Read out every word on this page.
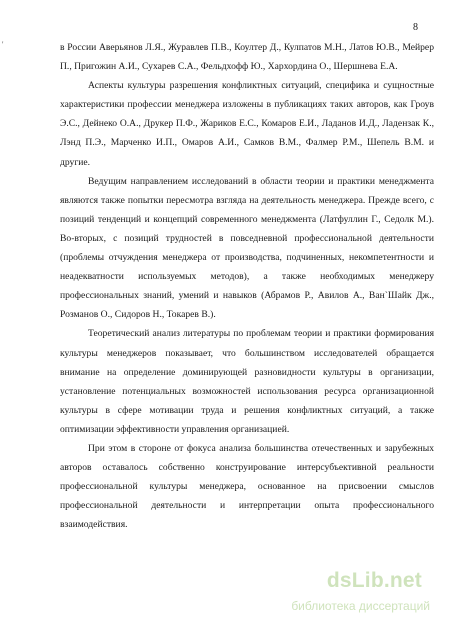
8
'	в России Аверьянов Л.Я., Журавлев П.В., Коултер Д., Кулпатов М.Н., Латов Ю.В., Мейрер П., Пригожин А.И., Сухарев С.А., Фельдхофф Ю., Хархордина О., Шершнева Е.А.

Аспекты культуры разрешения конфликтных ситуаций, специфика и сущностные характеристики профессии менеджера изложены в публикациях таких авторов, как Гроув Э.С., Дейнеко О.А., Друкер П.Ф., Жариков Е.С., Комаров Е.И., Ладанов И.Д., Ладензак К., Лэнд П.Э., Марченко И.П., Омаров А.И., Самков В.М., Фалмер Р.М., Шепель В.М. и другие.

Ведущим направлением исследований в области теории и практики менеджмента являются также попытки пересмотра взгляда на деятельность менеджера. Прежде всего, с позиций тенденций и концепций современного менеджмента (Латфуллин Г., Седолк М.). Во-вторых, с позиций трудностей в повседневной профессиональной деятельности (проблемы отчуждения менеджера от производства, подчиненных, некомпетентности и неадекватности используемых методов), а также необходимых менеджеру профессиональных знаний, умений и навыков (Абрамов Р., Авилов А., Ван`Шайк Дж., Розманов О., Сидоров Н., Токарев В.).

Теоретический анализ литературы по проблемам теории и практики формирования культуры менеджеров показывает, что большинством исследователей обращается внимание на определение доминирующей разновидности культуры в организации, установление потенциальных возможностей использования ресурса организационной культуры в сфере мотивации труда и решения конфликтных ситуаций, а также оптимизации эффективности управления организацией.

При этом в стороне от фокуса анализа большинства отечественных и зарубежных авторов оставалось собственно конструирование интерсубъективной реальности профессиональной культуры менеджера, основанное на присвоении смыслов профессиональной деятельности и интерпретации опыта профессионального взаимодействия.

dsLib.net
библиотека диссертаций
